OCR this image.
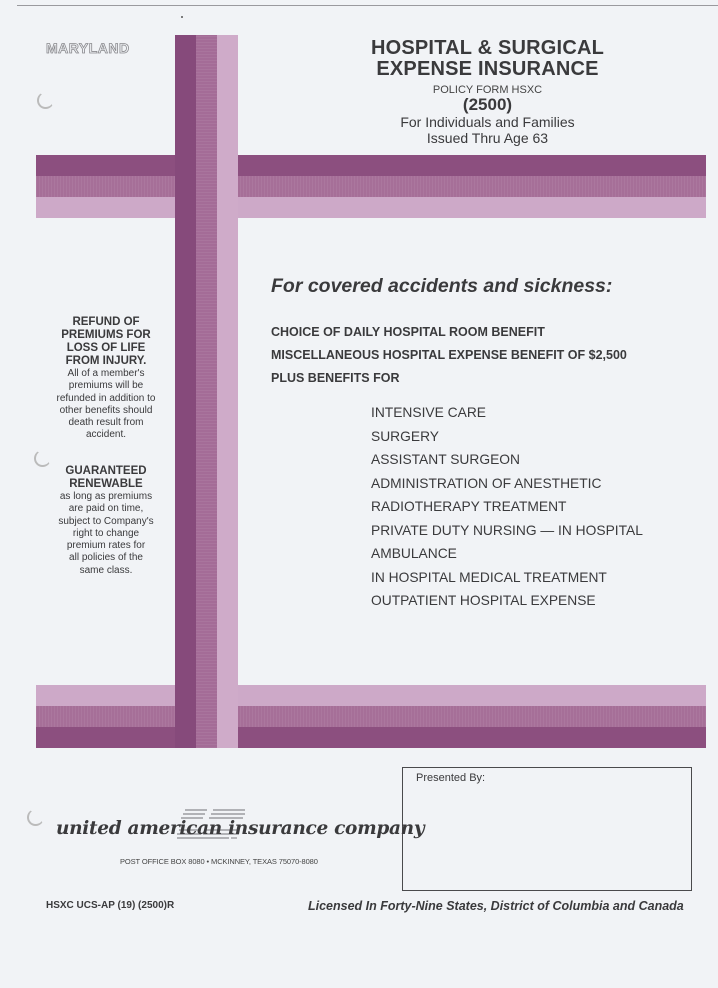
MARYLAND	HOSPITAL & SURGICAL
EXPENSE INSURANCE
POLICY FORM HSXC
(2500)
For Individuals and Families
Issued Thru Age 63
REFUND OF
PREMIUMS FOR
LOSS OF LIFE
FROM INJURY.

All of a member's
premiums will be
refunded in addition to
other benefits should
death result from
accident.

GUARANTEED
RENEWABLE

as long as premiums
are paid on time,
subject to Company's
right to change
premium rates for
all policies of the
same class.

For covered accidents and sickness:
CHOICE OF DAILY HOSPITAL ROOM BENEFIT
MISCELLANEOUS HOSPITAL EXPENSE BENEFIT OF $2,500
PLUS BENEFITS FOR
INTENSIVE CARE
SURGERY
ASSISTANT SURGEON
ADMINISTRATION OF ANESTHETIC
RADIOTHERAPY TREATMENT
PRIVATE DUTY NURSING — IN HOSPITAL
AMBULANCE
IN HOSPITAL MEDICAL TREATMENT
OUTPATIENT HOSPITAL EXPENSE
Presented By:
united american insurance company
POST OFFICE BOX 8080 • MCKINNEY, TEXAS 75070-8080
HSXC UCS-AP (19) (2500)R	Licensed In Forty-Nine States, District of Columbia and Canada
